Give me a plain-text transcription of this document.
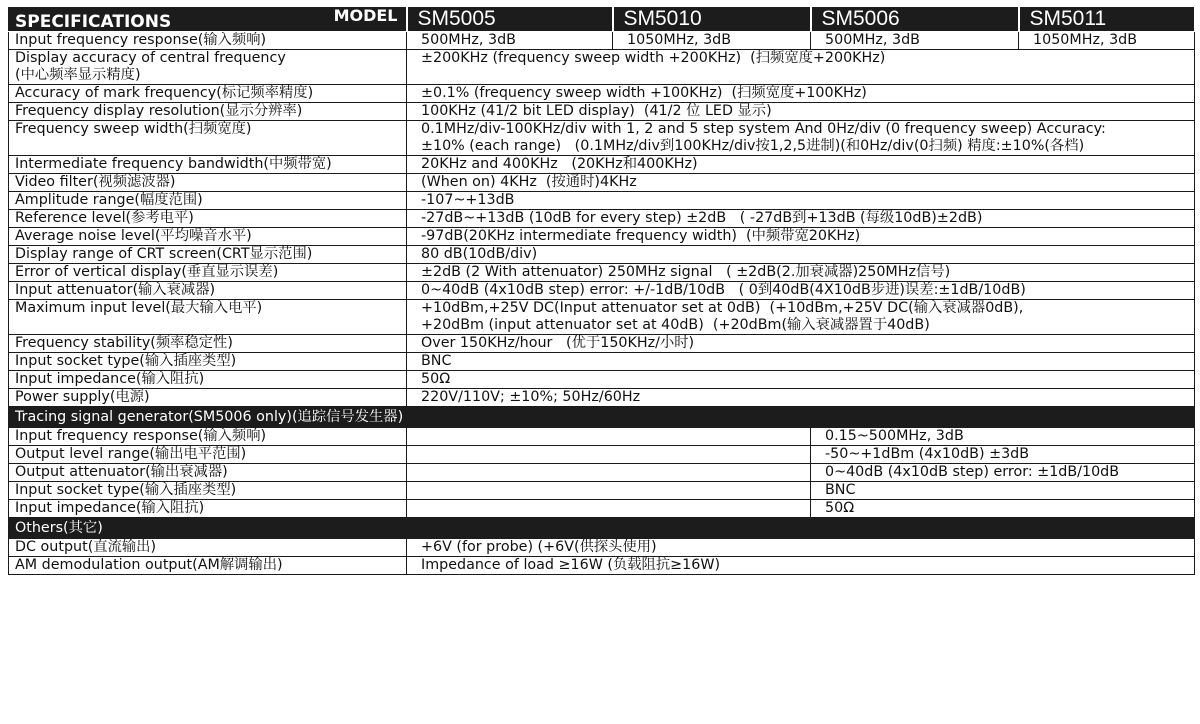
SPECIFICATIONS MODEL	SM5005	SM5010	SM5006	SM5011
Input frequency response(输入频响)	500MHz, 3dB	1050MHz, 3dB	500MHz, 3dB	1050MHz, 3dB
Display accuracy of central frequency
(中心频率显示精度)	±200KHz (frequency sweep width +200KHz)  (扫频宽度+200KHz)			
Accuracy of mark frequency(标记频率精度)	±0.1% (frequency sweep width +100KHz)  (扫频宽度+100KHz)			
Frequency display resolution(显示分辨率)	100KHz (41/2 bit LED display)  (41/2 位 LED 显示)			
Frequency sweep width(扫频宽度)	0.1MHz/div-100KHz/div with 1, 2 and 5 step system And 0Hz/div (0 frequency sweep) Accuracy:
±10% (each range)   (0.1MHz/div到100KHz/div按1,2,5进制)(和0Hz/div(0扫频) 精度:±10%(各档)			
Intermediate frequency bandwidth(中频带宽)	20KHz and 400KHz   (20KHz和400KHz)			
Video filter(视频滤波器)	(When on) 4KHz  (按通时)4KHz			
Amplitude range(幅度范围)	-107~+13dB			
Reference level(参考电平)	-27dB~+13dB (10dB for every step) ±2dB   ( -27dB到+13dB (每级10dB)±2dB)			
Average noise level(平均噪音水平)	-97dB(20KHz intermediate frequency width)  (中频带宽20KHz)			
Display range of CRT screen(CRT显示范围)	80 dB(10dB/div)			
Error of vertical display(垂直显示误差)	±2dB (2 With attenuator) 250MHz signal   ( ±2dB(2.加衰减器)250MHz信号)			
Input attenuator(输入衰减器)	0~40dB (4x10dB step) error: +/-1dB/10dB   ( 0到40dB(4X10dB步进)误差:±1dB/10dB)			
Maximum input level(最大输入电平)	+10dBm,+25V DC(Input attenuator set at 0dB)  (+10dBm,+25V DC(输入衰减器0dB),
+20dBm (input attenuator set at 40dB)  (+20dBm(输入衰减器置于40dB)			
Frequency stability(频率稳定性)	Over 150KHz/hour   (优于150KHz/小时)			
Input socket type(输入插座类型)	BNC			
Input impedance(输入阻抗)	50Ω			
Power supply(电源)	220V/110V; ±10%; 50Hz/60Hz			
Tracing signal generator(SM5006 only)(追踪信号发生器)				
Input frequency response(输入频响)			0.15~500MHz, 3dB	
Output level range(输出电平范围)			-50~+1dBm (4x10dB) ±3dB	
Output attenuator(输出衰减器)			0~40dB (4x10dB step) error: ±1dB/10dB	
Input socket type(输入插座类型)			BNC	
Input impedance(输入阻抗)			50Ω	
Others(其它)				
DC output(直流输出)	+6V (for probe) (+6V(供探头使用)			
AM demodulation output(AM解调输出)	Impedance of load ≥16W (负载阻抗≥16W)			
